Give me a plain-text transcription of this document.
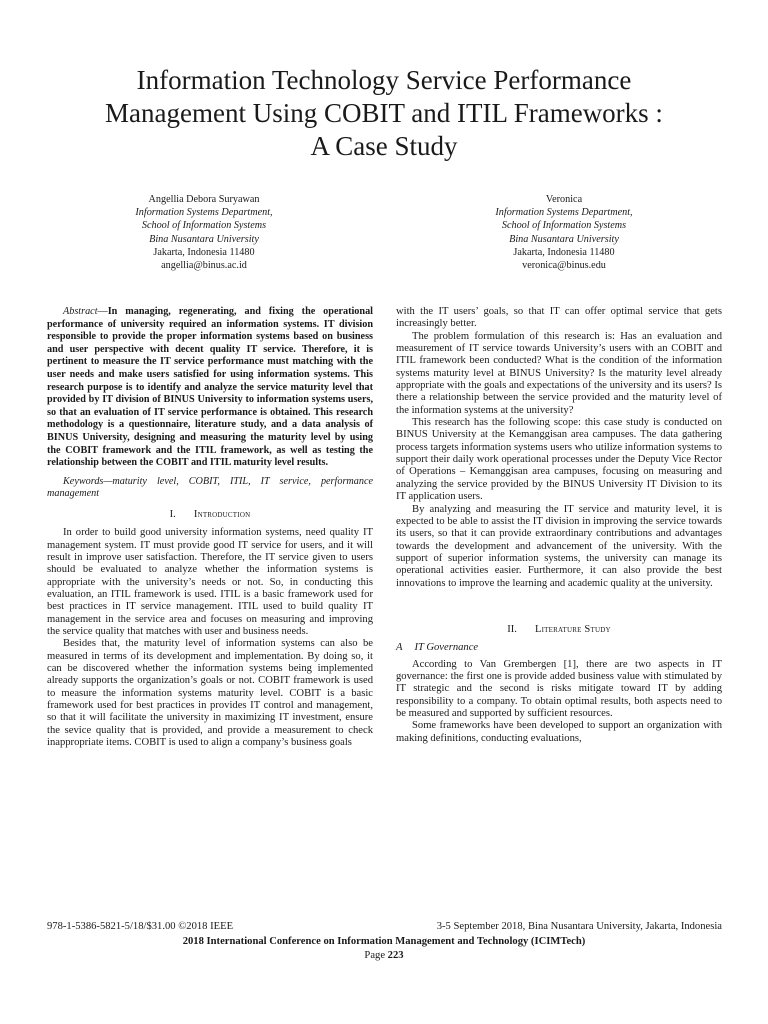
Information Technology Service Performance
Management Using COBIT and ITIL Frameworks :
A Case Study
Angellia Debora Suryawan
Information Systems Department,
School of Information Systems
Bina Nusantara University
Jakarta, Indonesia 11480
angellia@binus.ac.id
Veronica
Information Systems Department,
School of Information Systems
Bina Nusantara University
Jakarta, Indonesia 11480
veronica@binus.edu

Abstract—In managing, regenerating, and fixing the operational performance of university required an information systems. IT division responsible to provide the proper information systems based on business and user perspective with decent quality IT service. Therefore, it is pertinent to measure the IT service performance must matching with the user needs and make users satisfied for using information systems. This research purpose is to identify and analyze the service maturity level that provided by IT division of BINUS University to information systems users, so that an evaluation of IT service performance is obtained. This research methodology is a questionnaire, literature study, and a data analysis of BINUS University, designing and measuring the maturity level by using the COBIT framework and the ITIL framework, as well as testing the relationship between the COBIT and ITIL maturity level results.

Keywords—maturity level, COBIT, ITIL, IT service, performance management

I. Introduction

In order to build good university information systems, need quality IT management system. IT must provide good IT service for users, and it will result in improve user satisfaction. Therefore, the IT service given to users should be evaluated to analyze whether the information systems is appropriate with the university’s needs or not. So, in conducting this evaluation, an ITIL framework is used. ITIL is a basic framework used for best practices in IT service management. ITIL used to build quality IT management in the service area and focuses on measuring and improving the service quality that matches with user and business needs.

Besides that, the maturity level of information systems can also be measured in terms of its development and implementation. By doing so, it can be discovered whether the information systems being implemented already supports the organization’s goals or not. COBIT framework is used to measure the information systems maturity level. COBIT is a basic framework used for best practices in provides IT control and management, so that it will facilitate the university in maximizing IT investment, ensure the sevice quality that is provided, and provide a measurement to check inappropriate items. COBIT is used to align a company’s business goals

with the IT users’ goals, so that IT can offer optimal service that gets increasingly better.

The problem formulation of this research is: Has an evaluation and measurement of IT service towards University’s users with an COBIT and ITIL framework been conducted? What is the condition of the information systems maturity level at BINUS University? Is the maturity level already appropriate with the goals and expectations of the university and its users? Is there a relationship between the service provided and the maturity level of the information systems at the university?

This research has the following scope: this case study is conducted on BINUS University at the Kemanggisan area campuses. The data gathering process targets information systems users who utilize information systems to support their daily work operational processes under the Deputy Vice Rector of Operations – Kemanggisan area campuses, focusing on measuring and analyzing the service provided by the BINUS University IT Division to its IT application users.

By analyzing and measuring the IT service and maturity level, it is expected to be able to assist the IT division in improving the service towards its users, so that it can provide extraordinary contributions and advantages towards the development and advancement of the university. With the support of superior information systems, the university can manage its operational activities easier. Furthermore, it can also provide the best innovations to improve the learning and academic quality at the university.

II. Literature Study

A IT Governance

According to Van Grembergen [1], there are two aspects in IT governance: the first one is provide added business value with stimulated by IT strategic and the second is risks mitigate toward IT by adding responsibility to a company. To obtain optimal results, both aspects need to be measured and supported by sufficient resources.

Some frameworks have been developed to support an organization with making definitions, conducting evaluations,

978-1-5386-5821-5/18/$31.00 ©2018 IEEE	3-5 September 2018, Bina Nusantara University, Jakarta, Indonesia
2018 International Conference on Information Management and Technology (ICIMTech)
Page 223
